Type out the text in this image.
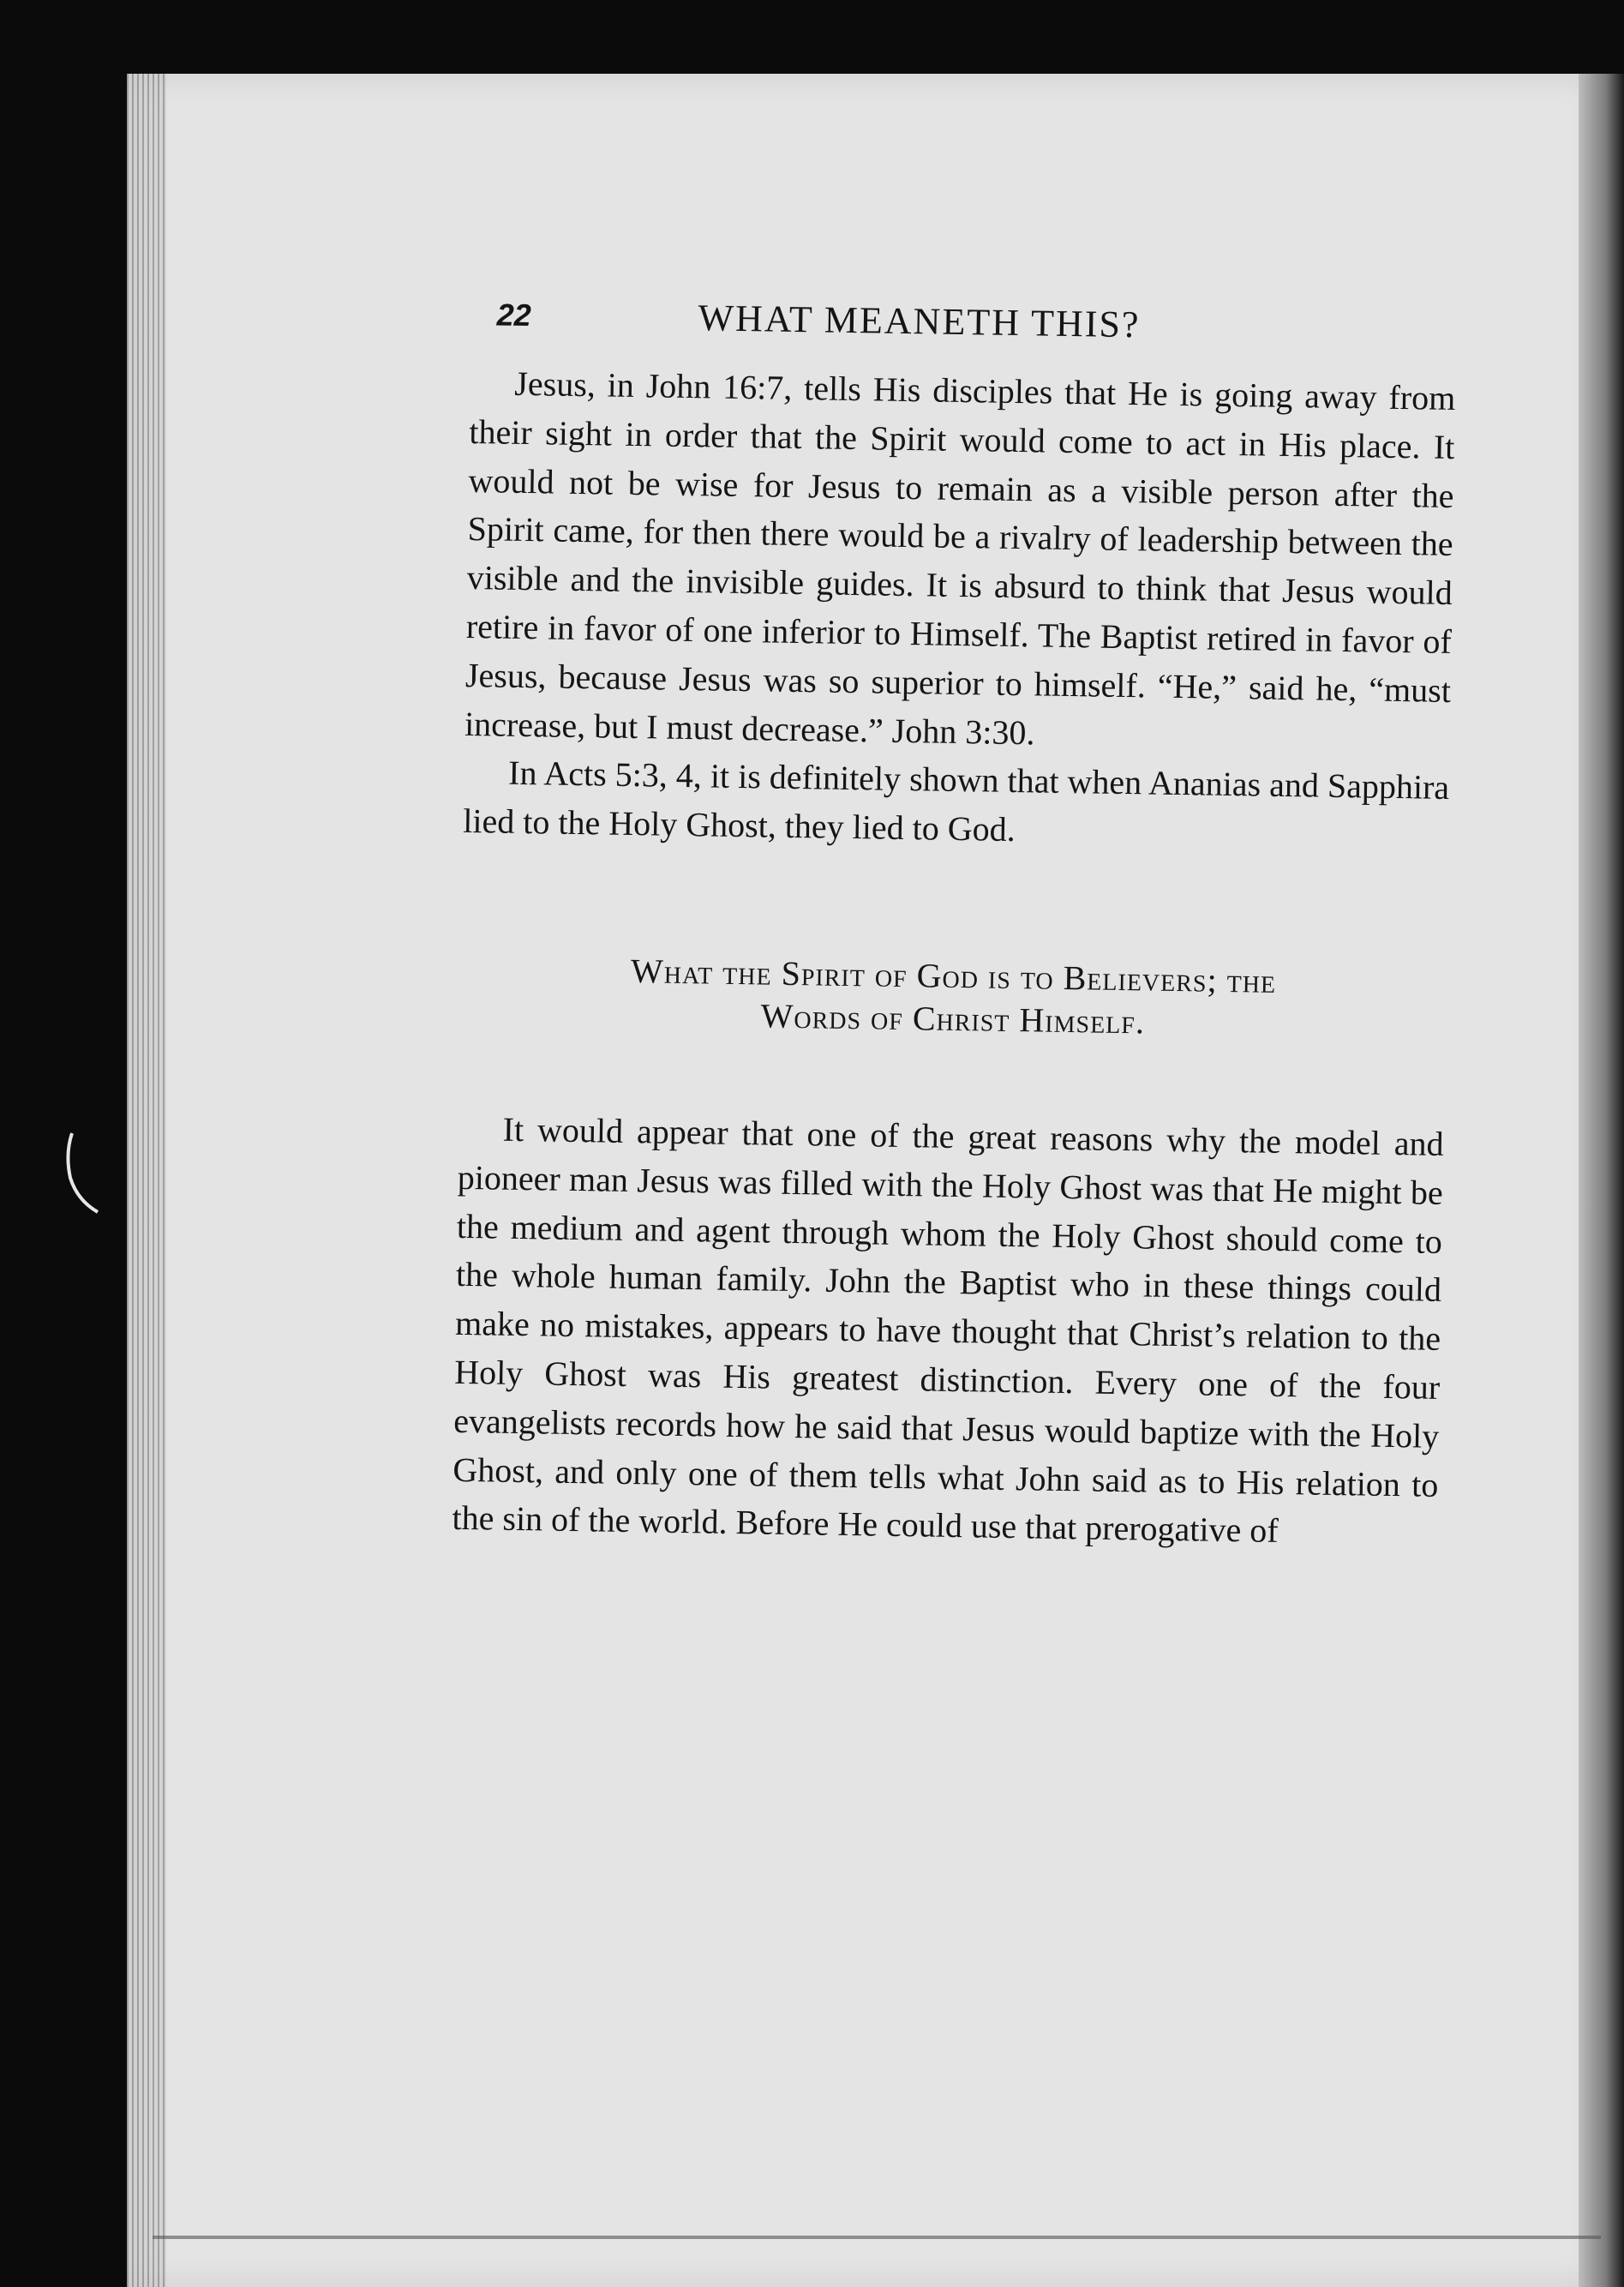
22	WHAT MEANETH THIS?

Jesus, in John 16:7, tells His disciples that He is going away from their sight in order that the Spirit would come to act in His place. It would not be wise for Jesus to remain as a visible person after the Spirit came, for then there would be a rivalry of leadership between the visible and the invisible guides. It is absurd to think that Jesus would retire in favor of one inferior to Himself. The Baptist retired in favor of Jesus, because Jesus was so superior to himself. “He,” said he, “must increase, but I must decrease.” John 3:30.

In Acts 5:3, 4, it is definitely shown that when Ananias and Sapphira lied to the Holy Ghost, they lied to God.

What the Spirit of God is to Believers; the
Words of Christ Himself.

It would appear that one of the great reasons why the model and pioneer man Jesus was filled with the Holy Ghost was that He might be the medium and agent through whom the Holy Ghost should come to the whole human family. John the Baptist who in these things could make no mistakes, appears to have thought that Christ’s relation to the Holy Ghost was His greatest distinction. Every one of the four evangelists records how he said that Jesus would baptize with the Holy Ghost, and only one of them tells what John said as to His relation to the sin of the world. Before He could use that prerogative of
